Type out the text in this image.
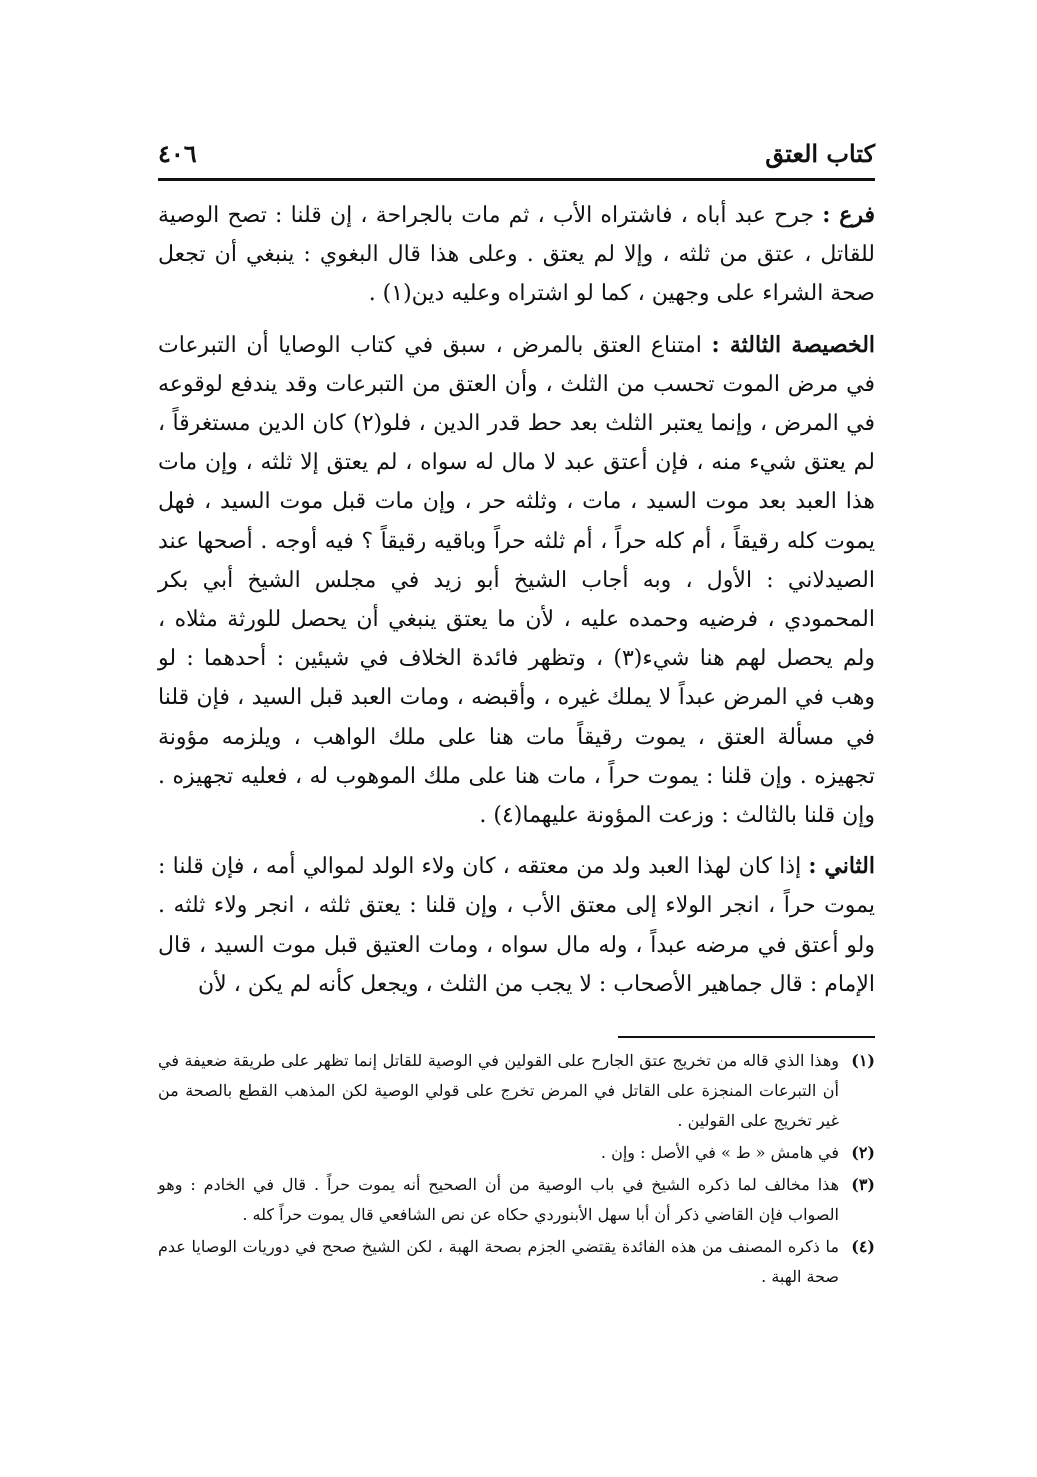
كتاب العتق
٤٠٦

فرع : جرح عبد أباه ، فاشتراه الأب ، ثم مات بالجراحة ، إن قلنا : تصح الوصية للقاتل ، عتق من ثلثه ، وإلا لم يعتق . وعلى هذا قال البغوي : ينبغي أن تجعل صحة الشراء على وجهين ، كما لو اشتراه وعليه دين(١) .

الخصيصة الثالثة : امتناع العتق بالمرض ، سبق في كتاب الوصايا أن التبرعات في مرض الموت تحسب من الثلث ، وأن العتق من التبرعات وقد يندفع لوقوعه في المرض ، وإنما يعتبر الثلث بعد حط قدر الدين ، فلو(٢) كان الدين مستغرقاً ، لم يعتق شيء منه ، فإن أعتق عبد لا مال له سواه ، لم يعتق إلا ثلثه ، وإن مات هذا العبد بعد موت السيد ، مات ، وثلثه حر ، وإن مات قبل موت السيد ، فهل يموت كله رقيقاً ، أم كله حراً ، أم ثلثه حراً وباقيه رقيقاً ؟ فيه أوجه . أصحها عند الصيدلاني : الأول ، وبه أجاب الشيخ أبو زيد في مجلس الشيخ أبي بكر المحمودي ، فرضيه وحمده عليه ، لأن ما يعتق ينبغي أن يحصل للورثة مثلاه ، ولم يحصل لهم هنا شيء(٣) ، وتظهر فائدة الخلاف في شيئين : أحدهما : لو وهب في المرض عبداً لا يملك غيره ، وأقبضه ، ومات العبد قبل السيد ، فإن قلنا في مسألة العتق ، يموت رقيقاً مات هنا على ملك الواهب ، ويلزمه مؤونة تجهيزه . وإن قلنا : يموت حراً ، مات هنا على ملك الموهوب له ، فعليه تجهيزه . وإن قلنا بالثالث : وزعت المؤونة عليهما(٤) .

الثاني : إذا كان لهذا العبد ولد من معتقه ، كان ولاء الولد لموالي أمه ، فإن قلنا : يموت حراً ، انجر الولاء إلى معتق الأب ، وإن قلنا : يعتق ثلثه ، انجر ولاء ثلثه . ولو أعتق في مرضه عبداً ، وله مال سواه ، ومات العتيق قبل موت السيد ، قال الإمام : قال جماهير الأصحاب : لا يجب من الثلث ، ويجعل كأنه لم يكن ، لأن

(١)
وهذا الذي قاله من تخريج عتق الجارح على القولين في الوصية للقاتل إنما تظهر على طريقة ضعيفة في أن التبرعات المنجزة على القاتل في المرض تخرج على قولي الوصية لكن المذهب القطع بالصحة من غير تخريج على القولين .
(٢)
في هامش « ط » في الأصل : وإن .
(٣)
هذا مخالف لما ذكره الشيخ في باب الوصية من أن الصحيح أنه يموت حراً . قال في الخادم : وهو الصواب فإن القاضي ذكر أن أبا سهل الأبنوردي حكاه عن نص الشافعي قال يموت حراً كله .
(٤)
ما ذكره المصنف من هذه الفائدة يقتضي الجزم بصحة الهبة ، لكن الشيخ صحح في دوريات الوصايا عدم صحة الهبة .
